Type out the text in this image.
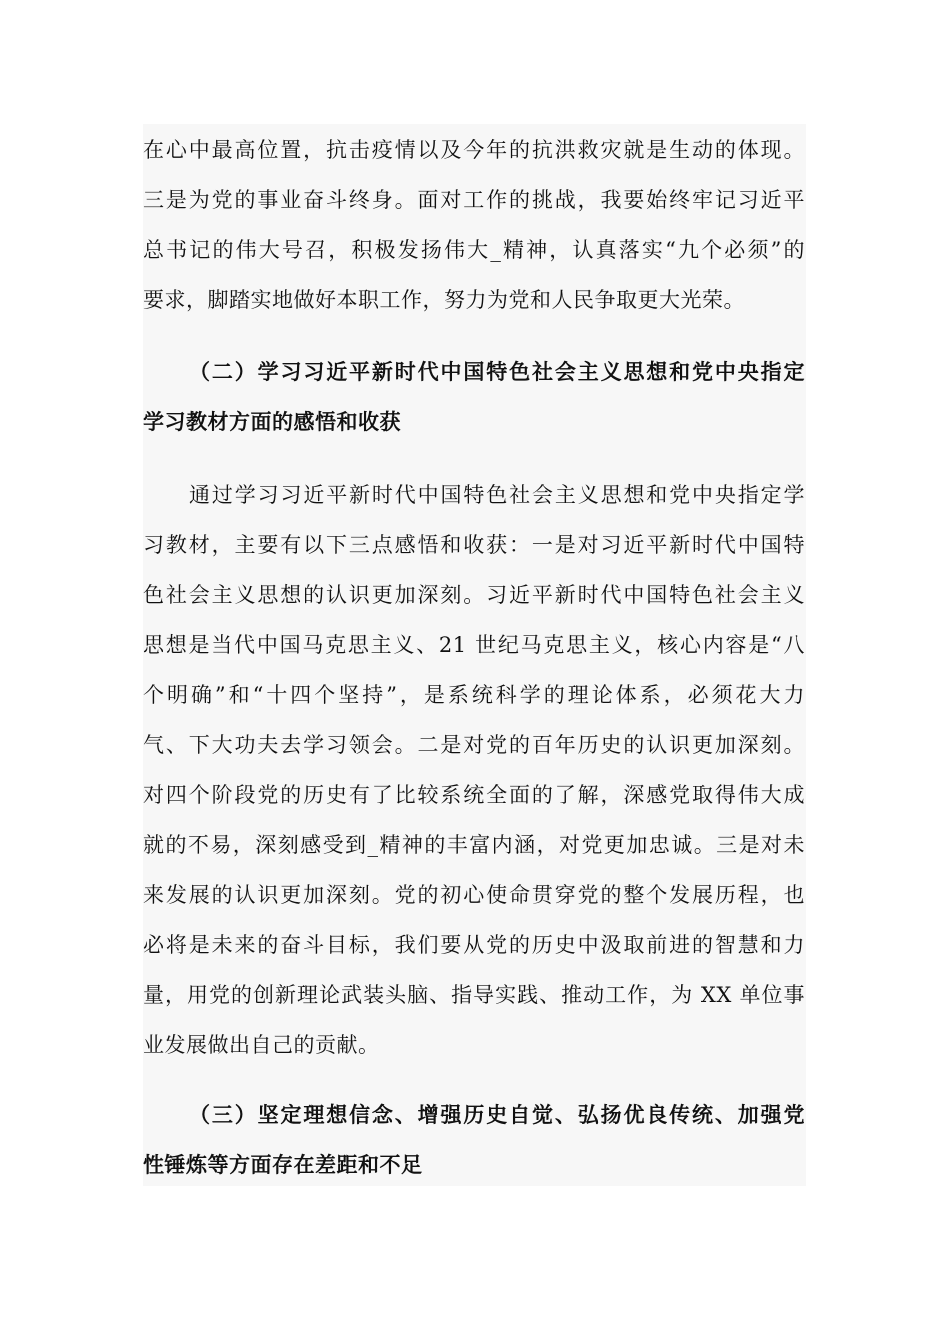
在心中最高位置，抗击疫情以及今年的抗洪救灾就是生动的体现。
三是为党的事业奋斗终身。面对工作的挑战，我要始终牢记习近平
总书记的伟大号召，积极发扬伟大_精神，认真落实“九个必须”的
要求，脚踏实地做好本职工作，努力为党和人民争取更大光荣。
（二）学习习近平新时代中国特色社会主义思想和党中央指定
学习教材方面的感悟和收获
通过学习习近平新时代中国特色社会主义思想和党中央指定学
习教材，主要有以下三点感悟和收获：一是对习近平新时代中国特
色社会主义思想的认识更加深刻。习近平新时代中国特色社会主义
思想是当代中国马克思主义、21 世纪马克思主义，核心内容是“八
个明确”和“十四个坚持”，是系统科学的理论体系，必须花大力
气、下大功夫去学习领会。二是对党的百年历史的认识更加深刻。
对四个阶段党的历史有了比较系统全面的了解，深感党取得伟大成
就的不易，深刻感受到_精神的丰富内涵，对党更加忠诚。三是对未
来发展的认识更加深刻。党的初心使命贯穿党的整个发展历程，也
必将是未来的奋斗目标，我们要从党的历史中汲取前进的智慧和力
量，用党的创新理论武装头脑、指导实践、推动工作，为 XX 单位事
业发展做出自己的贡献。
（三）坚定理想信念、增强历史自觉、弘扬优良传统、加强党
性锤炼等方面存在差距和不足
